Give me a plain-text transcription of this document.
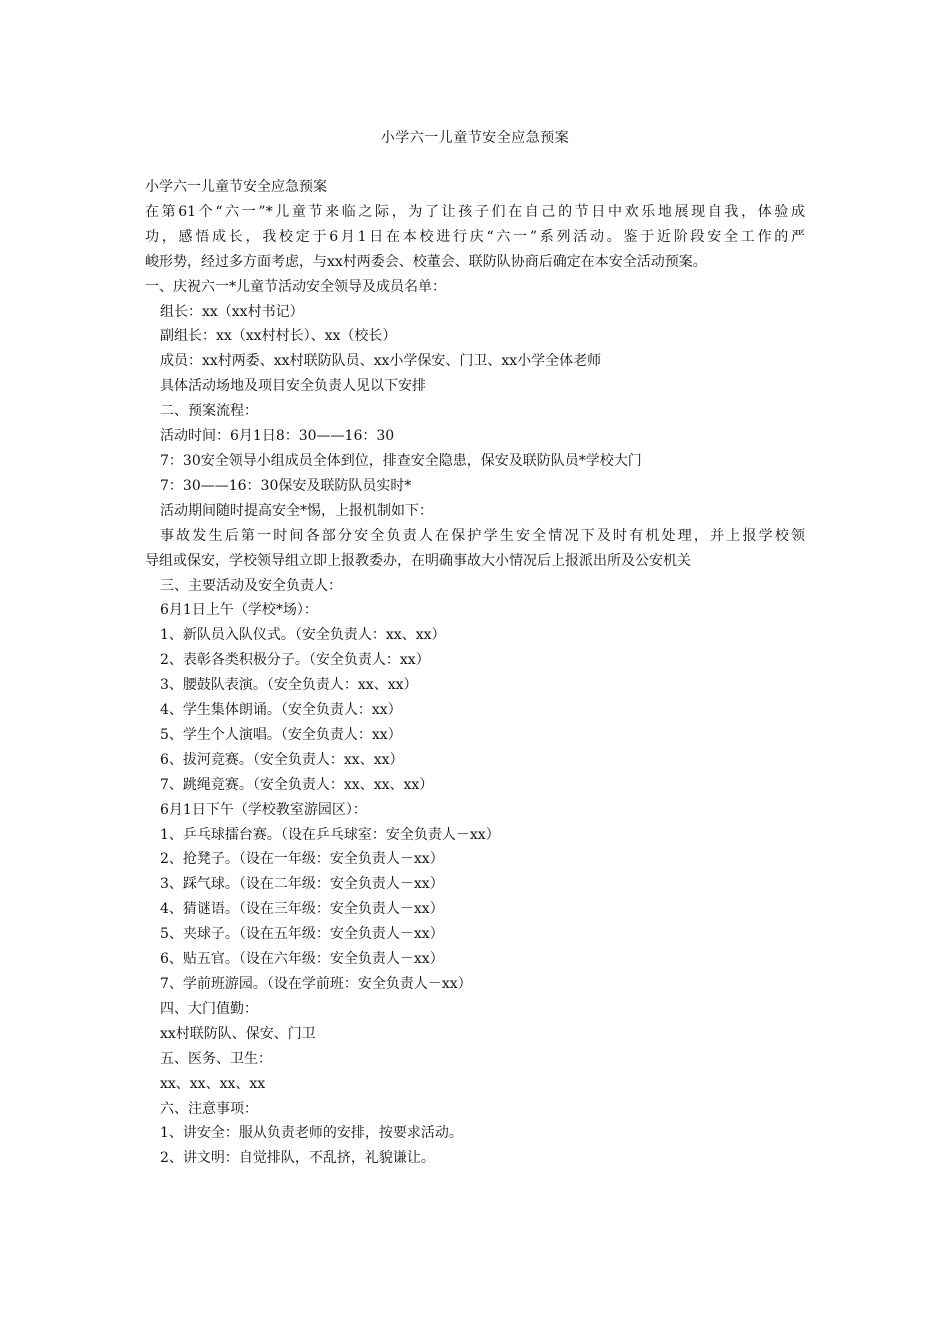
小学六一儿童节安全应急预案
小学六一儿童节安全应急预案
在第61个“六一”*儿童节来临之际，为了让孩子们在自己的节日中欢乐地展现自我，体验成
功，感悟成长，我校定于6月1日在本校进行庆“六一”系列活动。鉴于近阶段安全工作的严
峻形势，经过多方面考虑，与xx村两委会、校董会、联防队协商后确定在本安全活动预案。
一、庆祝六一*儿童节活动安全领导及成员名单：
组长：xx（xx村书记）
副组长：xx（xx村村长）、xx（校长）
成员：xx村两委、xx村联防队员、xx小学保安、门卫、xx小学全体老师
具体活动场地及项目安全负责人见以下安排
二、预案流程：
活动时间：6月1日8：30——16：30
7：30安全领导小组成员全体到位，排查安全隐患，保安及联防队员*学校大门
7：30——16：30保安及联防队员实时*
活动期间随时提高安全*惕，上报机制如下：
事故发生后第一时间各部分安全负责人在保护学生安全情况下及时有机处理，并上报学校领
导组或保安，学校领导组立即上报教委办，在明确事故大小情况后上报派出所及公安机关
三、主要活动及安全负责人：
6月1日上午（学校*场）：
1、新队员入队仪式。（安全负责人：xx、xx）
2、表彰各类积极分子。（安全负责人：xx）
3、腰鼓队表演。（安全负责人：xx、xx）
4、学生集体朗诵。（安全负责人：xx）
5、学生个人演唱。（安全负责人：xx）
6、拔河竞赛。（安全负责人：xx、xx）
7、跳绳竞赛。（安全负责人：xx、xx、xx）
6月1日下午（学校教室游园区）：
1、乒乓球擂台赛。（设在乒乓球室：安全负责人－xx）
2、抢凳子。（设在一年级：安全负责人－xx）
3、踩气球。（设在二年级：安全负责人－xx）
4、猜谜语。（设在三年级：安全负责人－xx）
5、夹球子。（设在五年级：安全负责人－xx）
6、贴五官。（设在六年级：安全负责人－xx）
7、学前班游园。（设在学前班：安全负责人－xx）
四、大门值勤：
xx村联防队、保安、门卫
五、医务、卫生：
xx、xx、xx、xx
六、注意事项：
1、讲安全：服从负责老师的安排，按要求活动。
2、讲文明：自觉排队，不乱挤，礼貌谦让。
